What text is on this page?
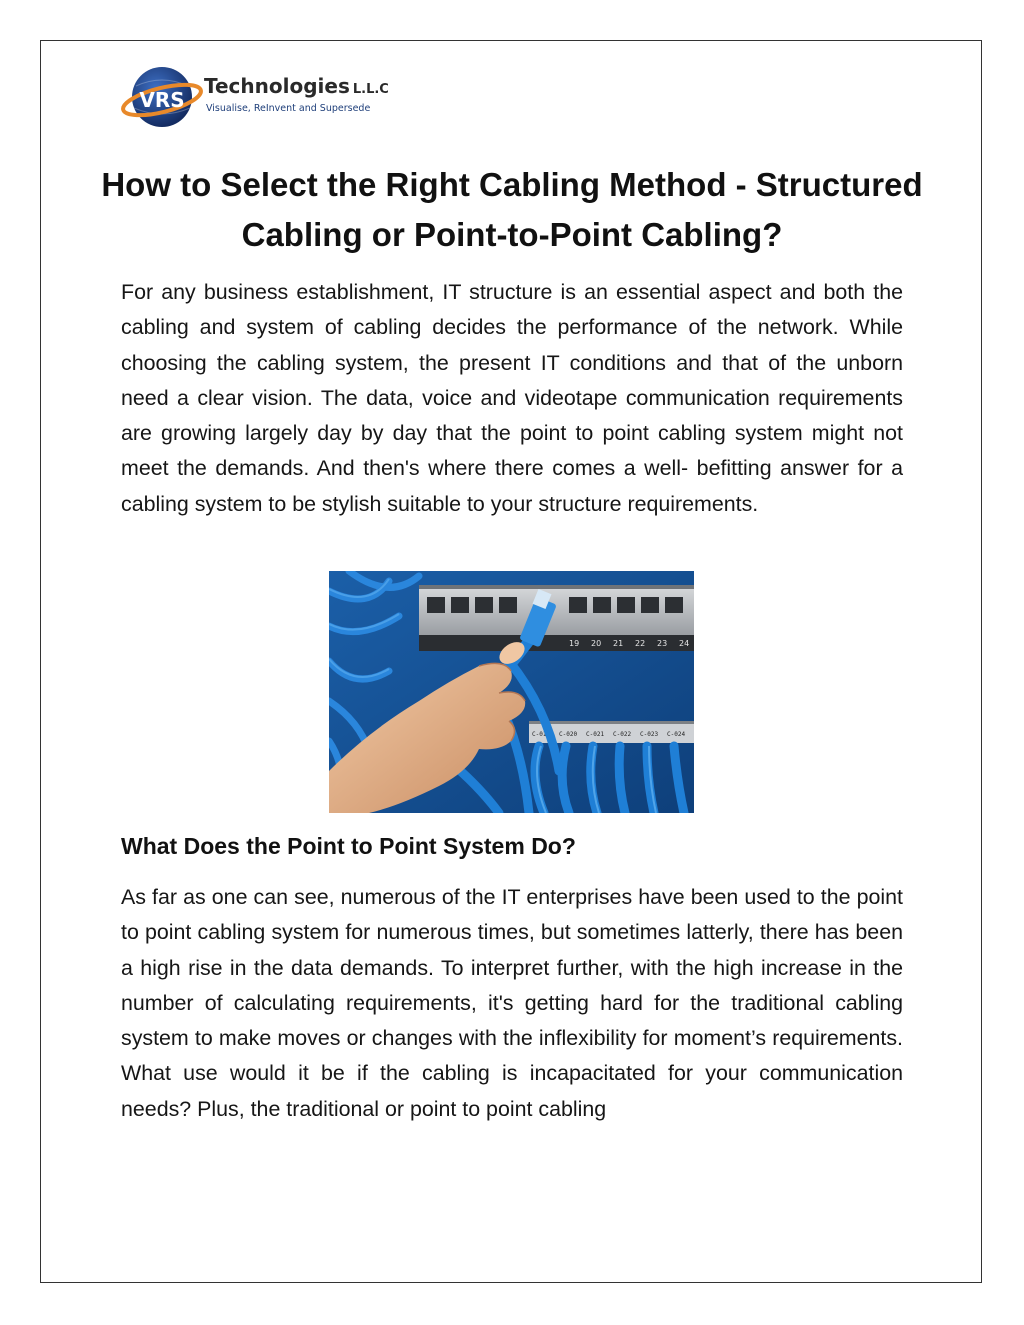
VRS
Technologies L.L.C
Visualise, ReInvent and Supersede
How to Select the Right Cabling Method - Structured Cabling or Point-to-Point Cabling?

For any business establishment, IT structure is an essential aspect and both the cabling and system of cabling decides the performance of the network. While choosing the cabling system, the present IT conditions and that of the unborn need a clear vision. The data, voice and videotape communication requirements are growing largely day by day that the point to point cabling system might not meet the demands. And then's where there comes a well- befitting answer for a cabling system to be stylish suitable to your structure requirements.

19 20 21 22 23 24
C-019 C-020 C-021 C-022 C-023 C-024
What Does the Point to Point System Do?

As far as one can see, numerous of the IT enterprises have been used to the point to point cabling system for numerous times, but sometimes latterly, there has been a high rise in the data demands. To interpret further, with the high increase in the number of calculating requirements, it's getting hard for the traditional cabling system to make moves or changes with the inflexibility for moment’s requirements. What use would it be if the cabling is incapacitated for your communication needs? Plus, the traditional or point to point cabling
